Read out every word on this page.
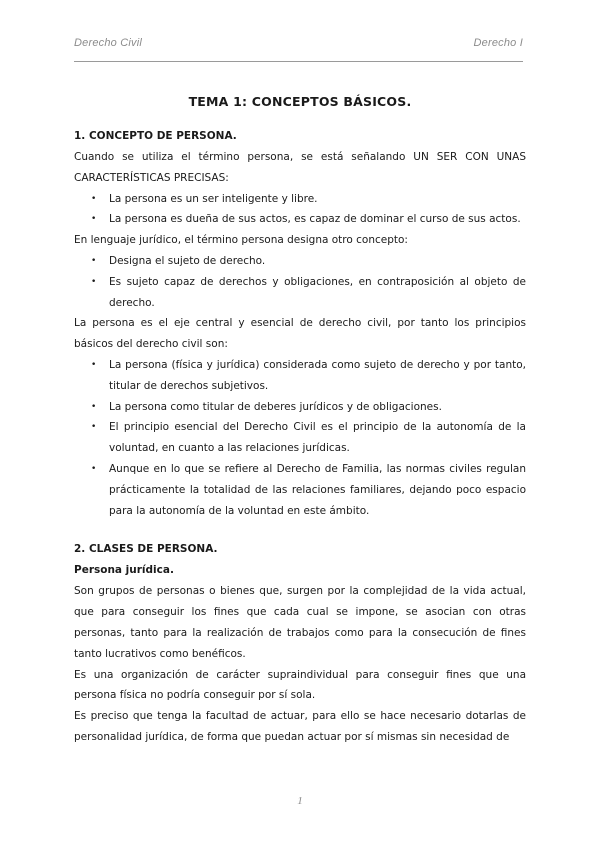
Derecho Civil	Derecho I
TEMA 1: CONCEPTOS BÁSICOS.
1. CONCEPTO DE PERSONA.

Cuando se utiliza el término persona, se está señalando UN SER CON UNAS CARACTERÍSTICAS PRECISAS:

• La persona es un ser inteligente y libre.
• La persona es dueña de sus actos, es capaz de dominar el curso de sus actos.

En lenguaje jurídico, el término persona designa otro concepto:

• Designa el sujeto de derecho.
• Es sujeto capaz de derechos y obligaciones, en contraposición al objeto de derecho.

La persona es el eje central y esencial de derecho civil, por tanto los principios básicos del derecho civil son:

• La persona (física y jurídica) considerada como sujeto de derecho y por tanto, titular de derechos subjetivos.
• La persona como titular de deberes jurídicos y de obligaciones.
• El principio esencial del Derecho Civil es el principio de la autonomía de la voluntad, en cuanto a las relaciones jurídicas.
• Aunque en lo que se refiere al Derecho de Familia, las normas civiles regulan prácticamente la totalidad de las relaciones familiares, dejando poco espacio para la autonomía de la voluntad en este ámbito.
2. CLASES DE PERSONA.
Persona jurídica.

Son grupos de personas o bienes que, surgen por la complejidad de la vida actual, que para conseguir los fines que cada cual se impone, se asocian con otras personas, tanto para la realización de trabajos como para la consecución de fines tanto lucrativos como benéficos.

Es una organización de carácter supraindividual para conseguir fines que una persona física no podría conseguir por sí sola.

Es preciso que tenga la facultad de actuar, para ello se hace necesario dotarlas de personalidad jurídica, de forma que puedan actuar por sí mismas sin necesidad de

1
